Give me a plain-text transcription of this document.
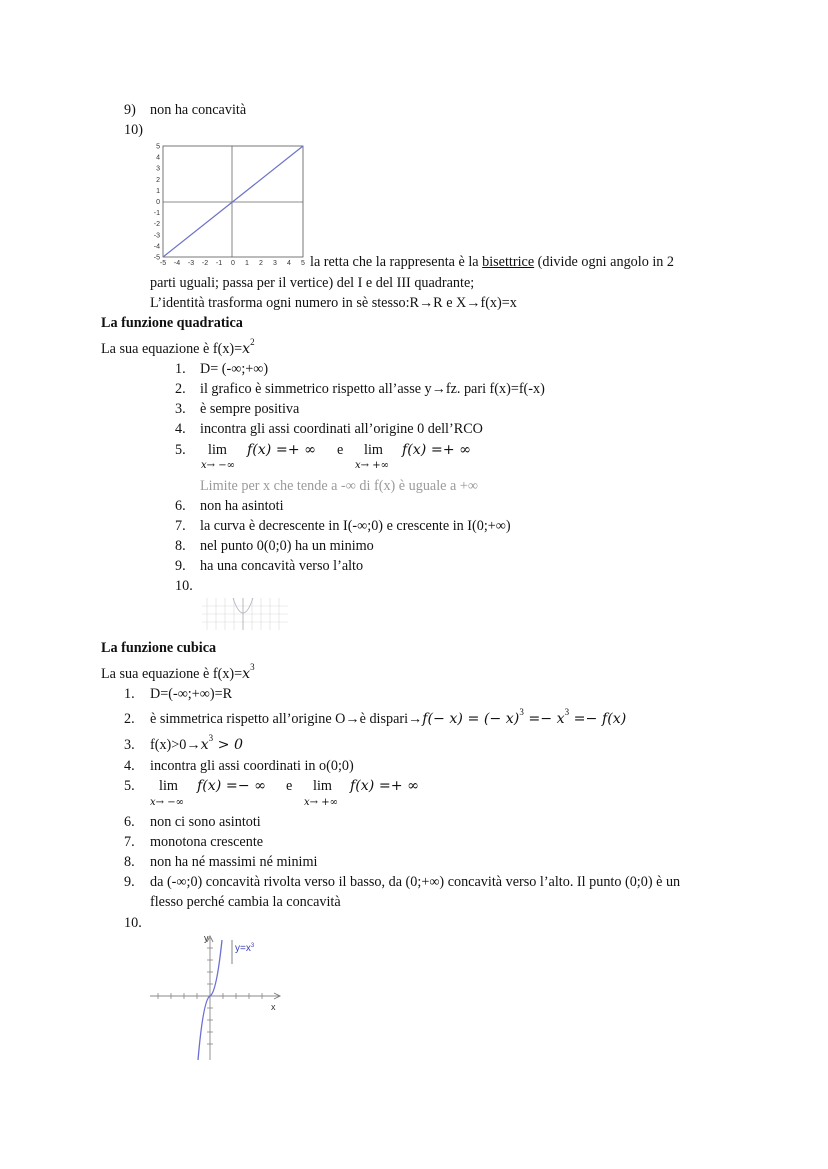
9) non ha concavità
10)
5
4
3
2
1
0
-1
-2
-3
-4
-5
-5 -4 -3 -2 -1 0 1 2 3 4 5 la retta che la rappresenta è la bisettrice (divide ogni angolo in 2
parti uguali; passa per il vertice) del I e del III quadrante;
L’identità trasforma ogni numero in sè stesso:R→R e X→f(x)=x
La funzione quadratica
La sua equazione è $f(x)=x^2$
1. D= (-∞;+∞)
2. il grafico è simmetrico rispetto all’asse y→fz. pari f(x)=f(-x)
3. è sempre positiva
4. incontra gli assi coordinati all’origine 0 dell’RCO
5. lim f(x) =+ ∞
x→ −∞
e lim f(x) =+ ∞
x→ +∞
Limite per x che tende a -∞ di f(x) è uguale a +∞
6. non ha asintoti
7. la curva è decrescente in I(-∞;0) e crescente in I(0;+∞)
8. nel punto 0(0;0) ha un minimo
9. ha una concavità verso l’alto
10.
La funzione cubica
La sua equazione è $f(x)=x^3$
1. D=(-∞;+∞)=R
2. è simmetrica rispetto all’origine O→è dispari→f(− x) = (− $x)^3 =- x^3 =- f(x)$
3. $f(x)>0\to x^3 > 0$
4. incontra gli assi coordinati in o(0;0)
5. lim f(x) =− ∞
x→ −∞
e lim f(x) =+ ∞
x→ +∞
6. non ci sono asintoti
7. monotona crescente
8. non ha né massimi né minimi
9. da (-∞;0) concavità rivolta verso il basso, da (0;+∞) concavità verso l’alto. Il punto (0;0) è un
flesso perché cambia la concavità
10.
y
x
$y=x^3$
